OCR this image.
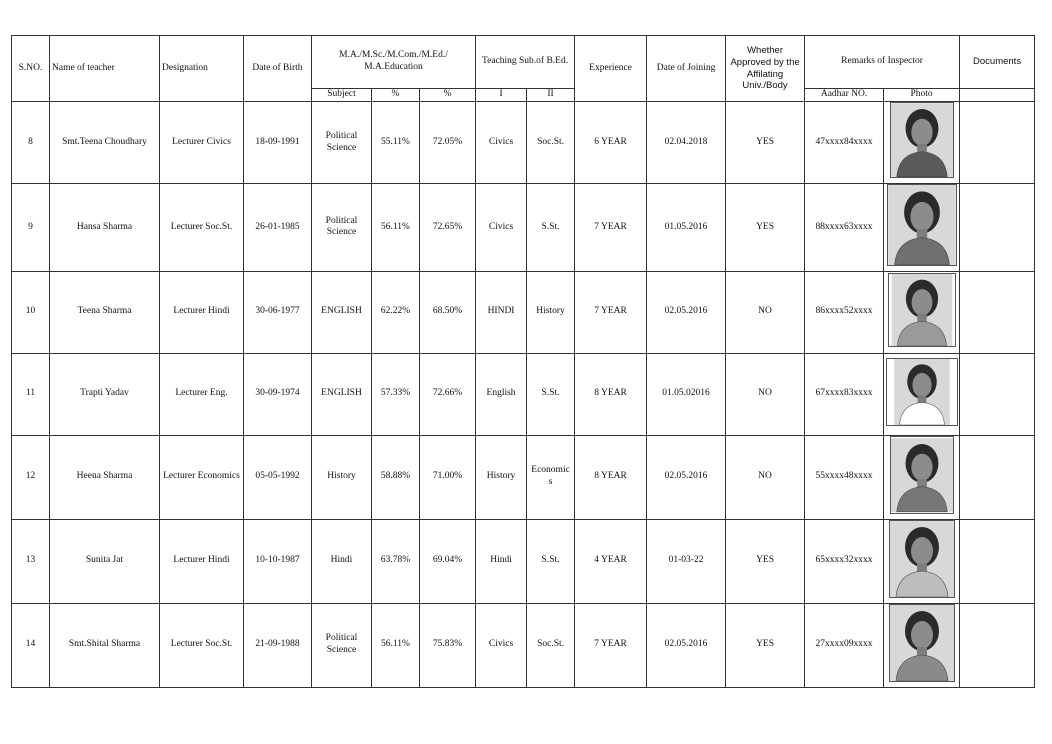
S.NO.	Name of teacher	Designation	Date of Birth	M.A./M.Sc./M.Com./M.Ed./ M.A.Education			Teaching Sub.of B.Ed.		Experience	Date of Joining	Whether Approved by the Affilating Univ./Body	Remarks of Inspector		Documents
				Subject	%	%	I	II				Aadhar NO.	Photo	
8	Smt.Teena Choudhary	Lecturer Civics	18-09-1991	Political Science	55.11%	72.05%	Civics	Soc.St.	6 YEAR	02.04.2018	YES	47xxxx84xxxx	

9	Hansa Sharma	Lecturer Soc.St.	26-01-1985	Political Science	56.11%	72.65%	Civics	S.St.	7 YEAR	01.05.2016	YES	88xxxx63xxxx	

10	Teena Sharma	Lecturer Hindi	30-06-1977	ENGLISH	62.22%	68.50%	HINDI	History	7 YEAR	02.05.2016	NO	86xxxx52xxxx	

11	Trapti Yadav	Lecturer Eng.	30-09-1974	ENGLISH	57.33%	72.66%	English	S.St.	8 YEAR	01.05.02016	NO	67xxxx83xxxx	

12	Heena Sharma	Lecturer Economics	05-05-1992	History	58.88%	71.00%	History	Economic s	8 YEAR	02.05.2016	NO	55xxxx48xxxx	

13	Sunita Jat	Lecturer Hindi	10-10-1987	Hindi	63.78%	69.04%	Hindi	S.St.	4 YEAR	01-03-22	YES	65xxxx32xxxx	

14	Smt.Shital Sharma	Lecturer Soc.St.	21-09-1988	Political Science	56.11%	75.83%	Civics	Soc.St.	7 YEAR	02.05.2016	YES	27xxxx09xxxx	
